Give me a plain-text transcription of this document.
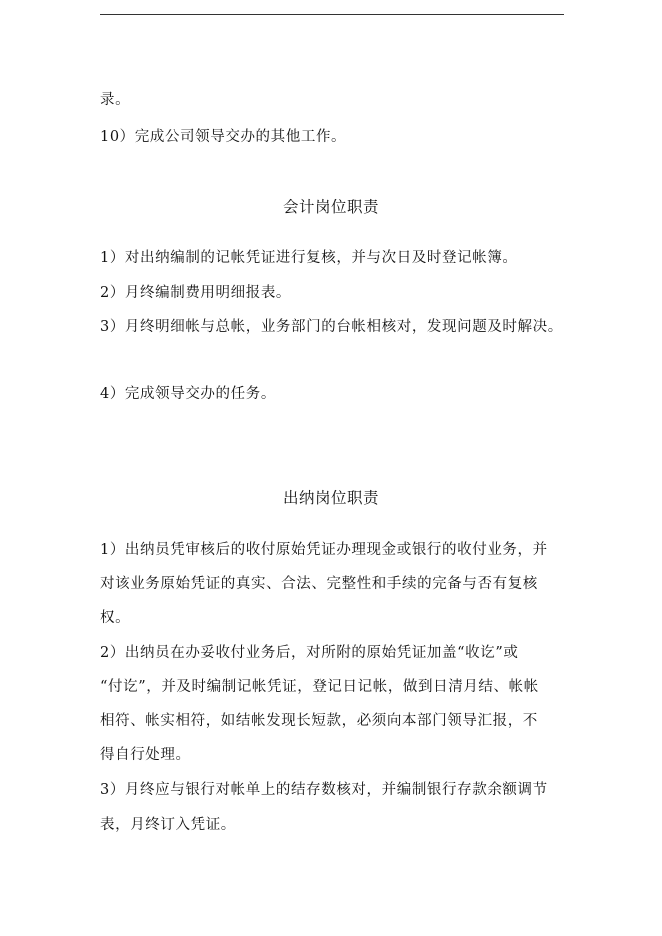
录。
10）完成公司领导交办的其他工作。
会计岗位职责
1）对出纳编制的记帐凭证进行复核，并与次日及时登记帐簿。
2）月终编制费用明细报表。
3）月终明细帐与总帐，业务部门的台帐相核对，发现问题及时解决。
4）完成领导交办的任务。
出纳岗位职责
1）出纳员凭审核后的收付原始凭证办理现金或银行的收付业务，并
对该业务原始凭证的真实、合法、完整性和手续的完备与否有复核
权。
2）出纳员在办妥收付业务后，对所附的原始凭证加盖“收讫”或
“付讫”，并及时编制记帐凭证，登记日记帐，做到日清月结、帐帐
相符、帐实相符，如结帐发现长短款，必须向本部门领导汇报，不
得自行处理。
3）月终应与银行对帐单上的结存数核对，并编制银行存款余额调节
表，月终订入凭证。
